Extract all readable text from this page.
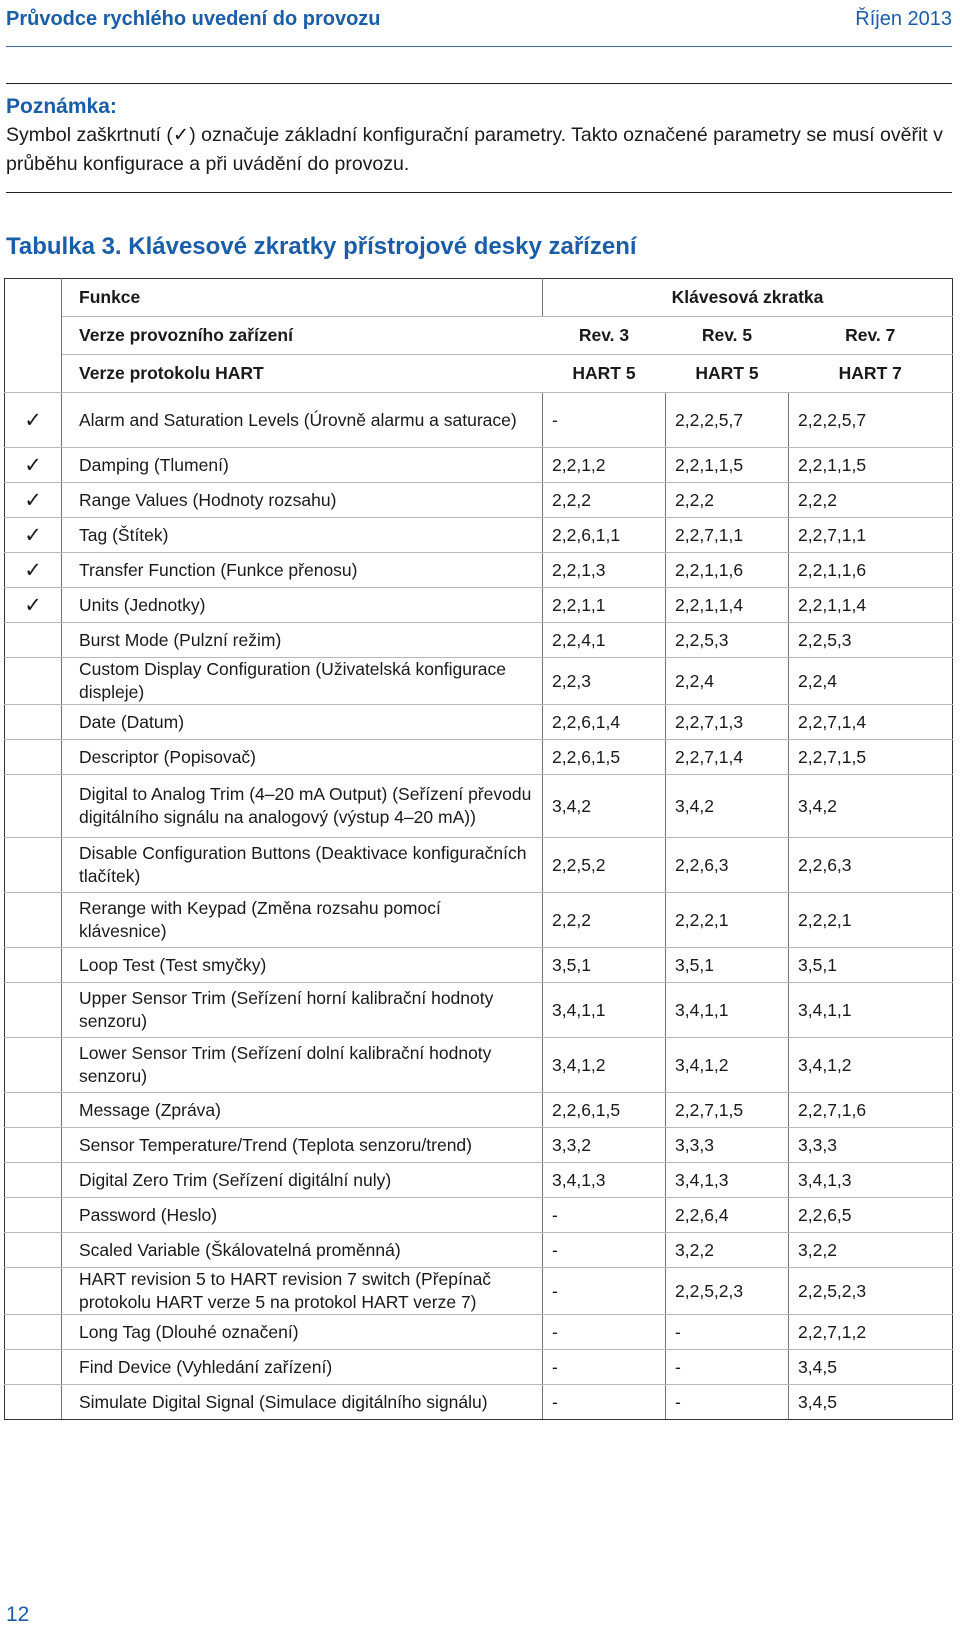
Průvodce rychlého uvedení do provozu	Říjen 2013
Poznámka:
Symbol zaškrtnutí (✓) označuje základní konfigurační parametry. Takto označené parametry se musí ověřit v průběhu konfigurace a při uvádění do provozu.
Tabulka 3. Klávesové zkratky přístrojové desky zařízení
	Funkce	Klávesová zkratka		
	Verze provozního zařízení	Rev. 3	Rev. 5	Rev. 7
	Verze protokolu HART	HART 5	HART 5	HART 7
✓	Alarm and Saturation Levels (Úrovně alarmu a saturace)	-	2,2,2,5,7	2,2,2,5,7
✓	Damping (Tlumení)	2,2,1,2	2,2,1,1,5	2,2,1,1,5
✓	Range Values (Hodnoty rozsahu)	2,2,2	2,2,2	2,2,2
✓	Tag (Štítek)	2,2,6,1,1	2,2,7,1,1	2,2,7,1,1
✓	Transfer Function (Funkce přenosu)	2,2,1,3	2,2,1,1,6	2,2,1,1,6
✓	Units (Jednotky)	2,2,1,1	2,2,1,1,4	2,2,1,1,4
	Burst Mode (Pulzní režim)	2,2,4,1	2,2,5,3	2,2,5,3
	Custom Display Configuration (Uživatelská konfigurace displeje)	2,2,3	2,2,4	2,2,4
	Date (Datum)	2,2,6,1,4	2,2,7,1,3	2,2,7,1,4
	Descriptor (Popisovač)	2,2,6,1,5	2,2,7,1,4	2,2,7,1,5
	Digital to Analog Trim (4–20 mA Output) (Seřízení převodu digitálního signálu na analogový (výstup 4–20 mA))	3,4,2	3,4,2	3,4,2
	Disable Configuration Buttons (Deaktivace konfiguračních tlačítek)	2,2,5,2	2,2,6,3	2,2,6,3
	Rerange with Keypad (Změna rozsahu pomocí klávesnice)	2,2,2	2,2,2,1	2,2,2,1
	Loop Test (Test smyčky)	3,5,1	3,5,1	3,5,1
	Upper Sensor Trim (Seřízení horní kalibrační hodnoty senzoru)	3,4,1,1	3,4,1,1	3,4,1,1
	Lower Sensor Trim (Seřízení dolní kalibrační hodnoty senzoru)	3,4,1,2	3,4,1,2	3,4,1,2
	Message (Zpráva)	2,2,6,1,5	2,2,7,1,5	2,2,7,1,6
	Sensor Temperature/Trend (Teplota senzoru/trend)	3,3,2	3,3,3	3,3,3
	Digital Zero Trim (Seřízení digitální nuly)	3,4,1,3	3,4,1,3	3,4,1,3
	Password (Heslo)	-	2,2,6,4	2,2,6,5
	Scaled Variable (Škálovatelná proměnná)	-	3,2,2	3,2,2
	HART revision 5 to HART revision 7 switch (Přepínač protokolu HART verze 5 na protokol HART verze 7)	-	2,2,5,2,3	2,2,5,2,3
	Long Tag (Dlouhé označení)	-	-	2,2,7,1,2
	Find Device (Vyhledání zařízení)	-	-	3,4,5
	Simulate Digital Signal (Simulace digitálního signálu)	-	-	3,4,5
12
